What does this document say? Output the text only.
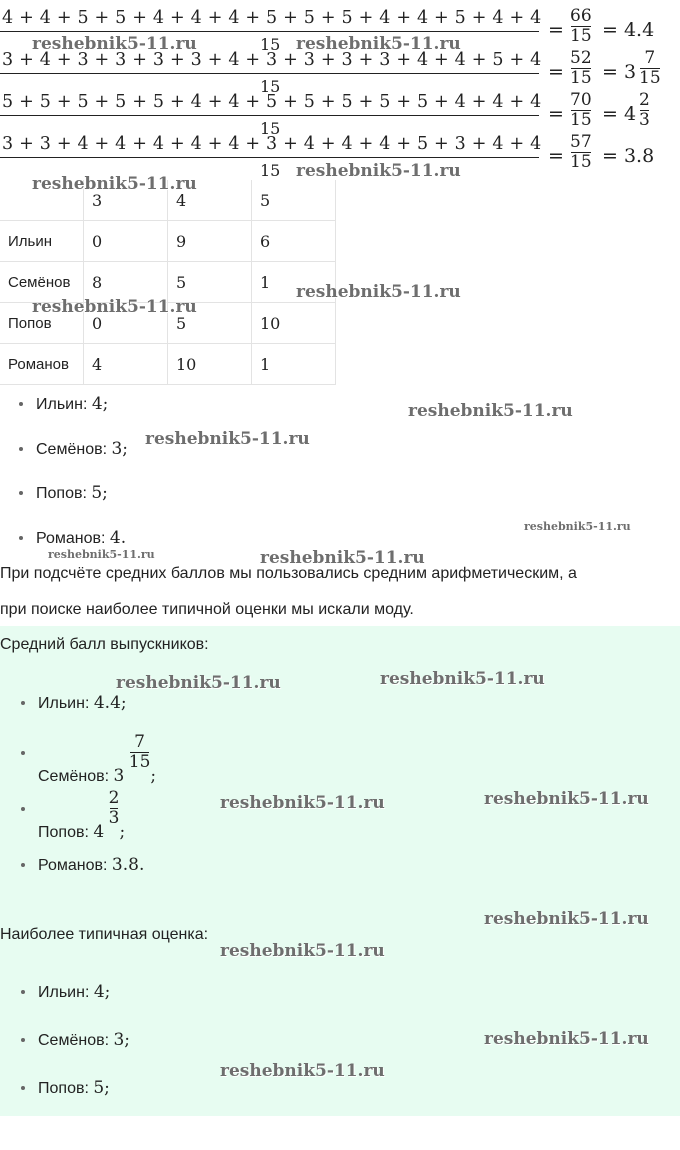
4 + 4 + 5 + 5 + 4 + 4 + 4 + 5 + 5 + 5 + 4 + 4 + 5 + 4 + 4
15
=
66
15 = 4.4
3 + 4 + 3 + 3 + 3 + 3 + 4 + 3 + 3 + 3 + 3 + 4 + 4 + 5 + 4
15
=
52
15 = 3
7
15
5 + 5 + 5 + 5 + 5 + 4 + 4 + 5 + 5 + 5 + 5 + 5 + 4 + 4 + 4
15
=
70
15 = 4
2
3
3 + 3 + 4 + 4 + 4 + 4 + 4 + 3 + 4 + 4 + 4 + 5 + 3 + 4 + 4
15
=
57
15 = 3.8
	3	4	5
Ильин	0	9	6
Семёнов	8	5	1
Попов	0	5	10
Романов	4	10	1
Ильин: 4;
Семёнов: 3;
Попов: 5;
Романов: 4.
При подсчёте средних баллов мы пользовались средним арифметическим, а
при поиске наиболее типичной оценки мы искали моду.
Средний балл выпускников:
Ильин: 4.4;
Семёнов: 3
$\frac{7}{15}$
;
Попов: 4
$\frac{2}{3}$
;
Романов: 3.8.
Наиболее типичная оценка:
Ильин: 4;
Семёнов: 3;
Попов: 5;
reshebnik5-11.ru	reshebnik5-11.ru
reshebnik5-11.ru
reshebnik5-11.ru
reshebnik5-11.ru
reshebnik5-11.ru
reshebnik5-11.ru
reshebnik5-11.ru
reshebnik5-11.ru
reshebnik5-11.ru	reshebnik5-11.ru
reshebnik5-11.ru
reshebnik5-11.ru
reshebnik5-11.ru
reshebnik5-11.ru
reshebnik5-11.ru
reshebnik5-11.ru
reshebnik5-11.ru
reshebnik5-11.ru
